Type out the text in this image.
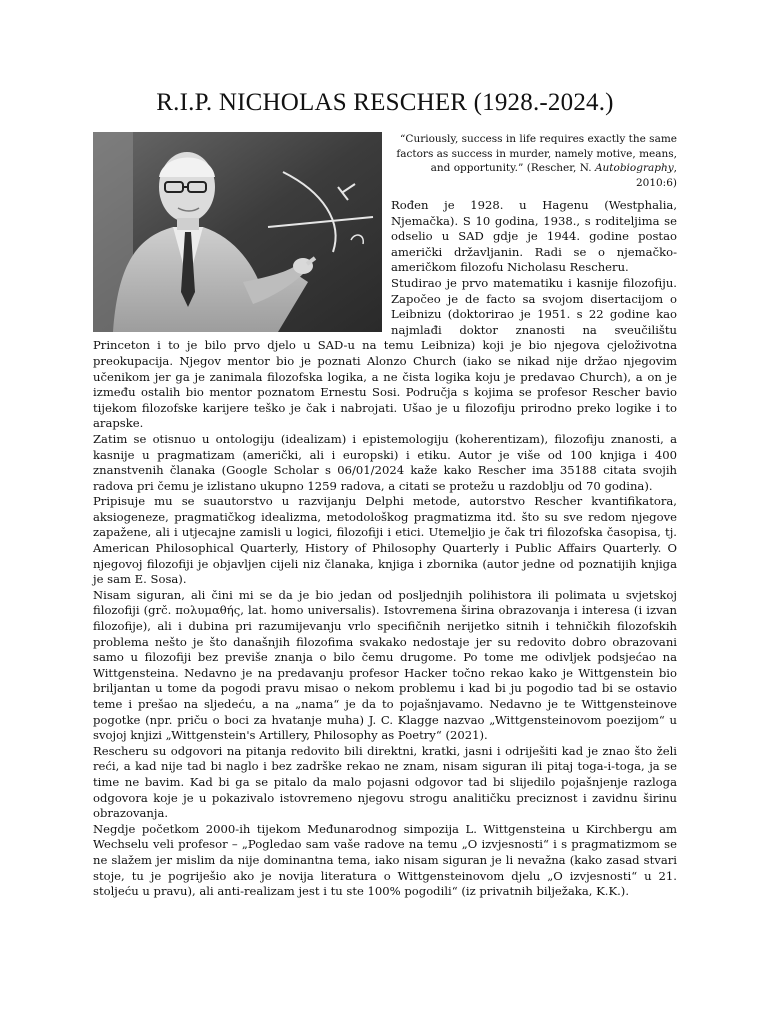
R.I.P. NICHOLAS RESCHER (1928.-2024.)
“Curiously, success in life requires exactly the same factors as success in murder, namely motive, means, and opportunity.” (Rescher, N. Autobiography, 2010:6)

Rođen je 1928. u Hagenu (Westphalia, Njemačka). S 10 godina, 1938., s roditeljima se odselio u SAD gdje je 1944. godine postao američki državljanin. Radi se o njemačko-američkom filozofu Nicholasu Rescheru.

Studirao je prvo matematiku i kasnije filozofiju. Započeo je de facto sa svojom disertacijom o Leibnizu (doktorirao je 1951. s 22 godine kao najmlađi doktor znanosti na sveučilištu Princeton i to je bilo prvo djelo u SAD-u na temu Leibniza) koji je bio njegova cjeloživotna preokupacija. Njegov mentor bio je poznati Alonzo Church (iako se nikad nije držao njegovim učenikom jer ga je zanimala filozofska logika, a ne čista logika koju je predavao Church), a on je između ostalih bio mentor poznatom Ernestu Sosi. Područja s kojima se profesor Rescher bavio tijekom filozofske karijere teško je čak i nabrojati. Ušao je u filozofiju prirodno preko logike i to arapske.

Zatim se otisnuo u ontologiju (idealizam) i epistemologiju (koherentizam), filozofiju znanosti, a kasnije u pragmatizam (američki, ali i europski) i etiku. Autor je više od 100 knjiga i 400 znanstvenih članaka (Google Scholar s 06/01/2024 kaže kako Rescher ima 35188 citata svojih radova pri čemu je izlistano ukupno 1259 radova, a citati se protežu u razdoblju od 70 godina).

Pripisuje mu se suautorstvo u razvijanju Delphi metode, autorstvo Rescher kvantifikatora, aksiogeneze, pragmatičkog idealizma, metodološkog pragmatizma itd. što su sve redom njegove zapažene, ali i utjecajne zamisli u logici, filozofiji i etici. Utemeljio je čak tri filozofska časopisa, tj. American Philosophical Quarterly, History of Philosophy Quarterly i Public Affairs Quarterly. O njegovoj filozofiji je objavljen cijeli niz članaka, knjiga i zbornika (autor jedne od poznatijih knjiga je sam E. Sosa).

Nisam siguran, ali čini mi se da je bio jedan od posljednjih polihistora ili polimata u svjetskoj filozofiji (grč. πολυμαθής, lat. homo universalis). Istovremena širina obrazovanja i interesa (i izvan filozofije), ali i dubina pri razumijevanju vrlo specifičnih nerijetko sitnih i tehničkih filozofskih problema nešto je što današnjih filozofima svakako nedostaje jer su redovito dobro obrazovani samo u filozofiji bez previše znanja o bilo čemu drugome. Po tome me odivljek podsjećao na Wittgensteina. Nedavno je na predavanju profesor Hacker točno rekao kako je Wittgenstein bio briljantan u tome da pogodi pravu misao o nekom problemu i kad bi ju pogodio tad bi se ostavio teme i prešao na sljedeću, a na „nama“ je da to pojašnjavamo. Nedavno je te Wittgensteinove pogotke (npr. priču o boci za hvatanje muha) J. C. Klagge nazvao „Wittgensteinovom poezijom“ u svojoj knjizi „Wittgenstein's Artillery, Philosophy as Poetry“ (2021).

Rescheru su odgovori na pitanja redovito bili direktni, kratki, jasni i odriješiti kad je znao što želi reći, a kad nije tad bi naglo i bez zadrške rekao ne znam, nisam siguran ili pitaj toga-i-toga, ja se time ne bavim. Kad bi ga se pitalo da malo pojasni odgovor tad bi slijedilo pojašnjenje razloga odgovora koje je u pokazivalo istovremeno njegovu strogu analitičku preciznost i zavidnu širinu obrazovanja.

Negdje početkom 2000-ih tijekom Međunarodnog simpozija L. Wittgensteina u Kirchbergu am Wechselu veli profesor – „Pogledao sam vaše radove na temu „O izvjesnosti“ i s pragmatizmom se ne slažem jer mislim da nije dominantna tema, iako nisam siguran je li nevažna (kako zasad stvari stoje, tu je pogriješio ako je novija literatura o Wittgensteinovom djelu „O izvjesnosti“ u 21. stoljeću u pravu), ali anti-realizam jest i tu ste 100% pogodili“ (iz privatnih bilježaka, K.K.).
